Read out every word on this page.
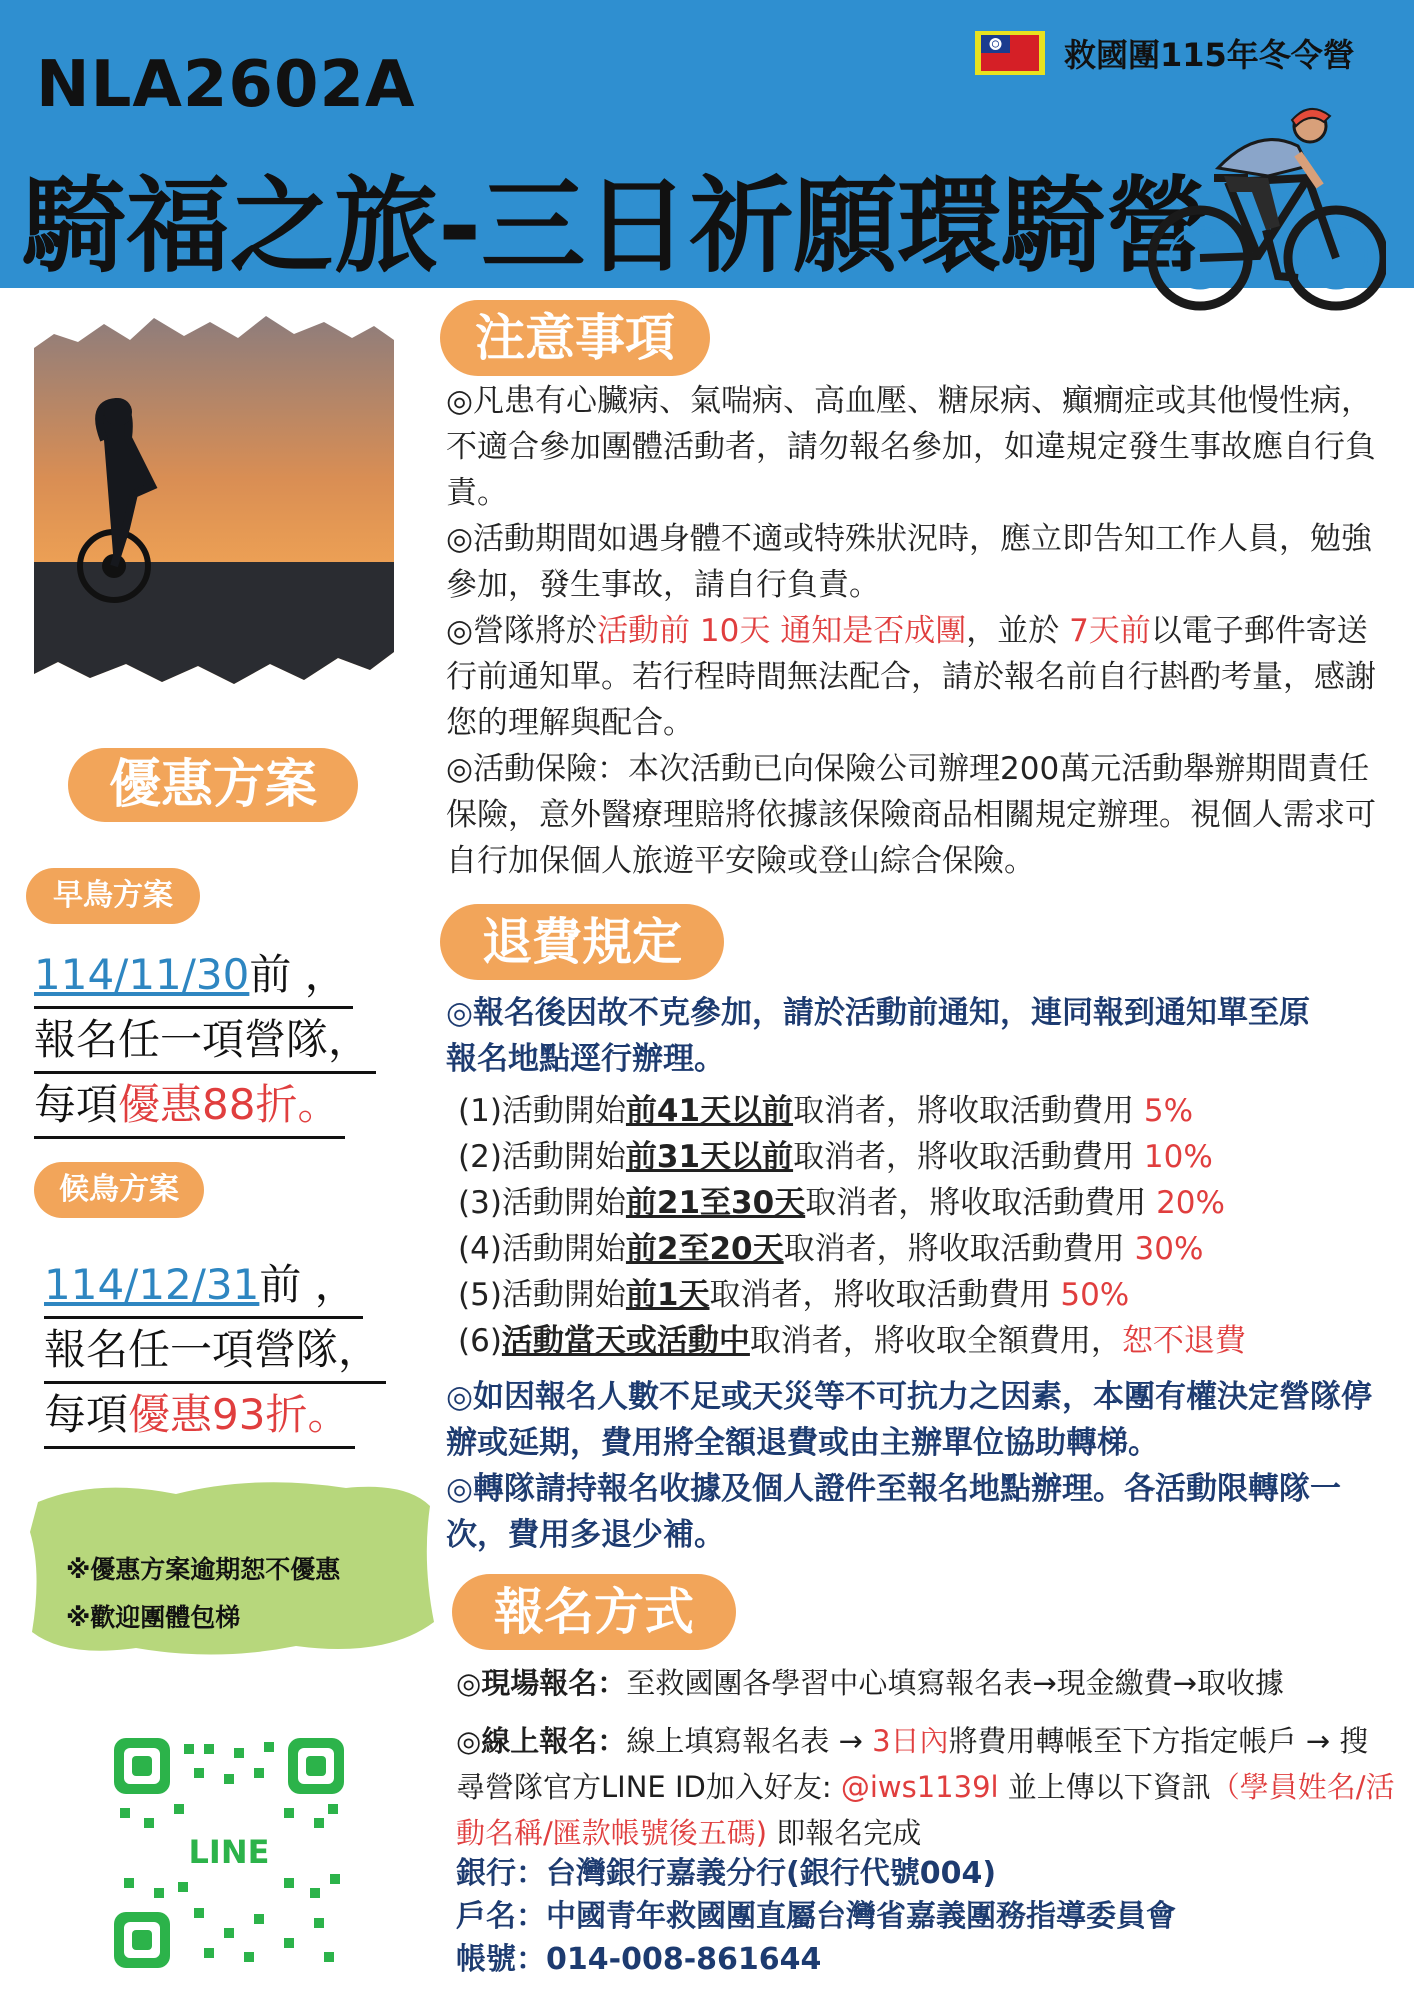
NLA2602A
騎福之旅-三日祈願環騎營
救國團115年冬令營
優惠方案
早鳥方案
114/11/30前 ，
報名任一項營隊，
每項優惠88折。
候鳥方案
114/12/31前 ，
報名任一項營隊，
每項優惠93折。
※優惠方案逾期恕不優惠
※歡迎團體包梯
LINE
注意事項
◎凡患有心臟病、氣喘病、高血壓、糖尿病、癲癇症或其他慢性病，不適合參加團體活動者，請勿報名參加，如違規定發生事故應自行負責。
◎活動期間如遇身體不適或特殊狀況時，應立即告知工作人員，勉強參加，發生事故，請自行負責。
◎營隊將於活動前 10天 通知是否成團，並於 7天前以電子郵件寄送行前通知單。若行程時間無法配合，請於報名前自行斟酌考量，感謝您的理解與配合。
◎活動保險：本次活動已向保險公司辦理200萬元活動舉辦期間責任保險，意外醫療理賠將依據該保險商品相關規定辦理。視個人需求可自行加保個人旅遊平安險或登山綜合保險。
退費規定
◎報名後因故不克參加，請於活動前通知，連同報到通知單至原報名地點逕行辦理。
(1)活動開始前41天以前取消者，將收取活動費用 5%
(2)活動開始前31天以前取消者，將收取活動費用 10%
(3)活動開始前21至30天取消者，將收取活動費用 20%
(4)活動開始前2至20天取消者，將收取活動費用 30%
(5)活動開始前1天取消者，將收取活動費用 50%
(6)活動當天或活動中取消者，將收取全額費用，恕不退費
◎如因報名人數不足或天災等不可抗力之因素，本團有權決定營隊停辦或延期，費用將全額退費或由主辦單位協助轉梯。
◎轉隊請持報名收據及個人證件至報名地點辦理。各活動限轉隊一次，費用多退少補。
報名方式
◎現場報名：至救國團各學習中心填寫報名表→現金繳費→取收據
◎線上報名：線上填寫報名表 → 3日內將費用轉帳至下方指定帳戶 → 搜尋營隊官方LINE ID加入好友: @iws1139l 並上傳以下資訊（學員姓名/活動名稱/匯款帳號後五碼) 即報名完成
銀行：台灣銀行嘉義分行(銀行代號004)
戶名：中國青年救國團直屬台灣省嘉義團務指導委員會
帳號：014-008-861644
